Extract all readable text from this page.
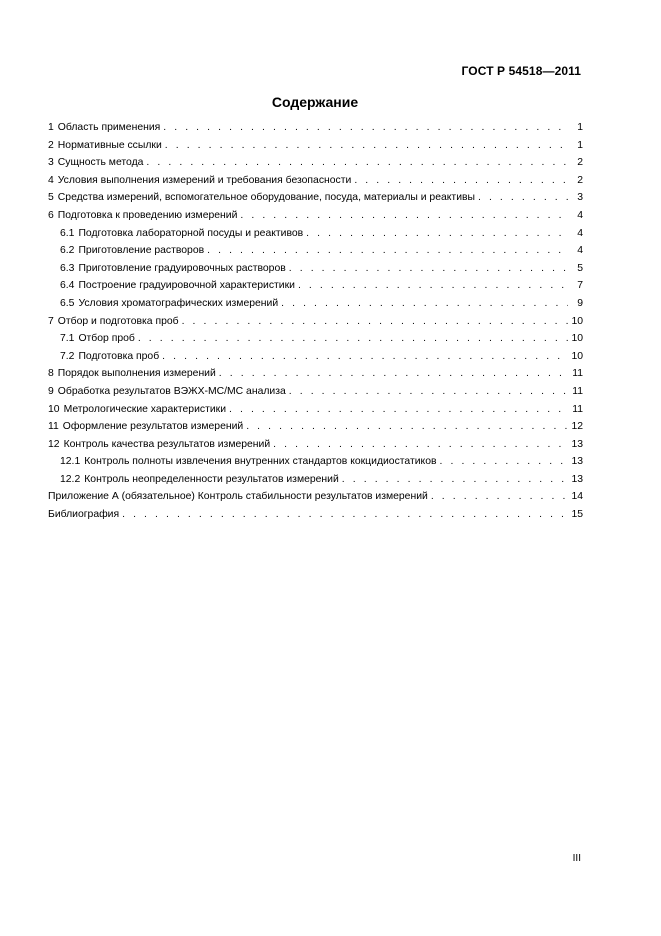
ГОСТ Р 54518—2011
Содержание
1 Область применения . . .	1
2 Нормативные ссылки . . .	1
3 Сущность метода . . .	2
4 Условия выполнения измерений и требования безопасности . . .	2
5 Средства измерений, вспомогательное оборудование, посуда, материалы и реактивы . . .	3
6 Подготовка к проведению измерений . . .	4
6.1 Подготовка лабораторной посуды и реактивов . . .	4
6.2 Приготовление растворов . . .	4
6.3 Приготовление градуировочных растворов . . .	5
6.4 Построение градуировочной характеристики . . .	7
6.5 Условия хроматографических измерений . . .	9
7 Отбор и подготовка проб . . .	10
7.1 Отбор проб . . .	10
7.2 Подготовка проб . . .	10
8 Порядок выполнения измерений . . .	11
9 Обработка результатов ВЭЖХ-МС/МС анализа . . .	11
10 Метрологические характеристики . . .	11
11 Оформление результатов измерений . . .	12
12 Контроль качества результатов измерений . . .	13
12.1 Контроль полноты извлечения внутренних стандартов кокцидиостатиков . . .	13
12.2 Контроль неопределенности результатов измерений . . .	13
Приложение А (обязательное) Контроль стабильности результатов измерений . . .	14
Библиография . . .	15
III
